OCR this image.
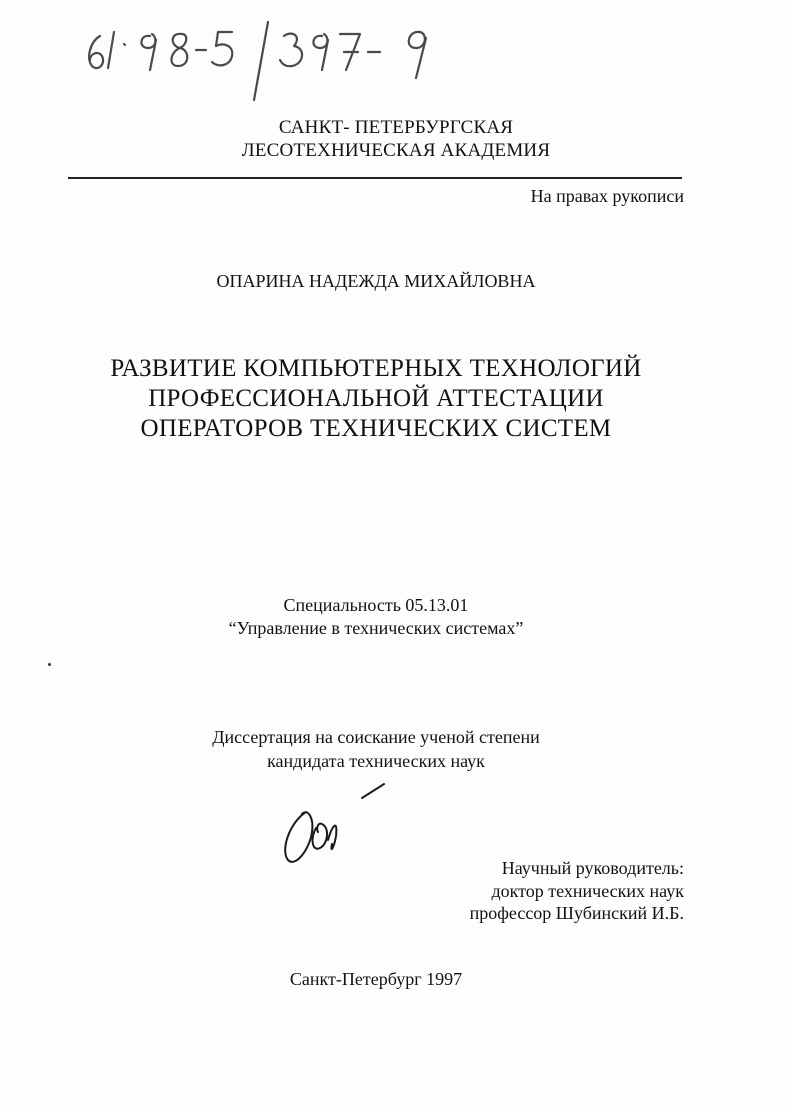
САНКТ- ПЕТЕРБУРГСКАЯ
ЛЕСОТЕХНИЧЕСКАЯ АКАДЕМИЯ
На правах рукописи
ОПАРИНА НАДЕЖДА МИХАЙЛОВНА
РАЗВИТИЕ КОМПЬЮТЕРНЫХ ТЕХНОЛОГИЙ
ПРОФЕССИОНАЛЬНОЙ АТТЕСТАЦИИ
ОПЕРАТОРОВ ТЕХНИЧЕСКИХ СИСТЕМ
Специальность 05.13.01
“Управление в технических системах”
Диссертация на соискание ученой степени
кандидата технических наук
Научный руководитель:
доктор технических наук
профессор Шубинский И.Б.
Санкт-Петербург 1997
